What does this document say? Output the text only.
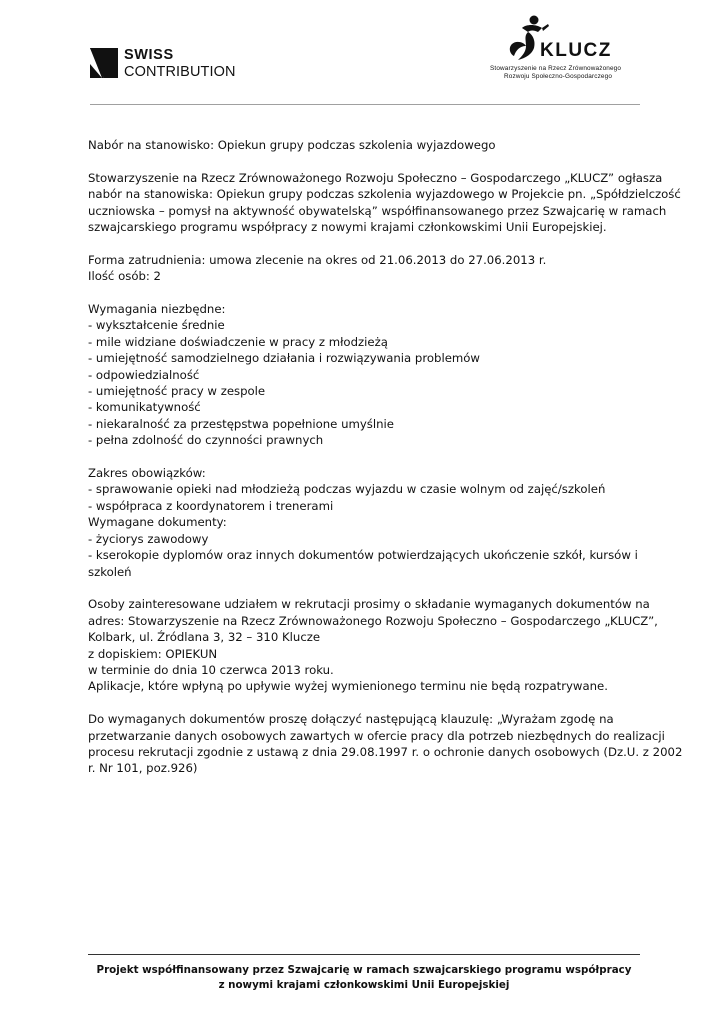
SWISS
CONTRIBUTION
KLUCZ
Stowarzyszenie na Rzecz Zrównoważonego
Rozwoju Społeczno-Gospodarczego

Nabór na stanowisko: Opiekun grupy podczas szkolenia wyjazdowego

Stowarzyszenie na Rzecz Zrównoważonego Rozwoju Społeczno – Gospodarczego „KLUCZ” ogłasza
nabór na stanowiska: Opiekun grupy podczas szkolenia wyjazdowego w Projekcie pn. „Spółdzielczość
uczniowska – pomysł na aktywność obywatelską” współfinansowanego przez Szwajcarię w ramach
szwajcarskiego programu współpracy z nowymi krajami członkowskimi Unii Europejskiej.

Forma zatrudnienia: umowa zlecenie na okres od 21.06.2013 do 27.06.2013 r.
Ilość osób: 2

Wymagania niezbędne:
- wykształcenie średnie
- mile widziane doświadczenie w pracy z młodzieżą
- umiejętność samodzielnego działania i rozwiązywania problemów
- odpowiedzialność
- umiejętność pracy w zespole
- komunikatywność
- niekaralność za przestępstwa popełnione umyślnie
- pełna zdolność do czynności prawnych

Zakres obowiązków:
- sprawowanie opieki nad młodzieżą podczas wyjazdu w czasie wolnym od zajęć/szkoleń
- współpraca z koordynatorem i trenerami
Wymagane dokumenty:
- życiorys zawodowy
- kserokopie dyplomów oraz innych dokumentów potwierdzających ukończenie szkół, kursów i
szkoleń

Osoby zainteresowane udziałem w rekrutacji prosimy o składanie wymaganych dokumentów na
adres: Stowarzyszenie na Rzecz Zrównoważonego Rozwoju Społeczno – Gospodarczego „KLUCZ”,
Kolbark, ul. Źródlana 3, 32 – 310 Klucze
z dopiskiem: OPIEKUN
w terminie do dnia 10 czerwca 2013 roku.
Aplikacje, które wpłyną po upływie wyżej wymienionego terminu nie będą rozpatrywane.

Do wymaganych dokumentów proszę dołączyć następującą klauzulę: „Wyrażam zgodę na
przetwarzanie danych osobowych zawartych w ofercie pracy dla potrzeb niezbędnych do realizacji
procesu rekrutacji zgodnie z ustawą z dnia 29.08.1997 r. o ochronie danych osobowych (Dz.U. z 2002
r. Nr 101, poz.926)

Projekt współfinansowany przez Szwajcarię w ramach szwajcarskiego programu współpracy
z nowymi krajami członkowskimi Unii Europejskiej
